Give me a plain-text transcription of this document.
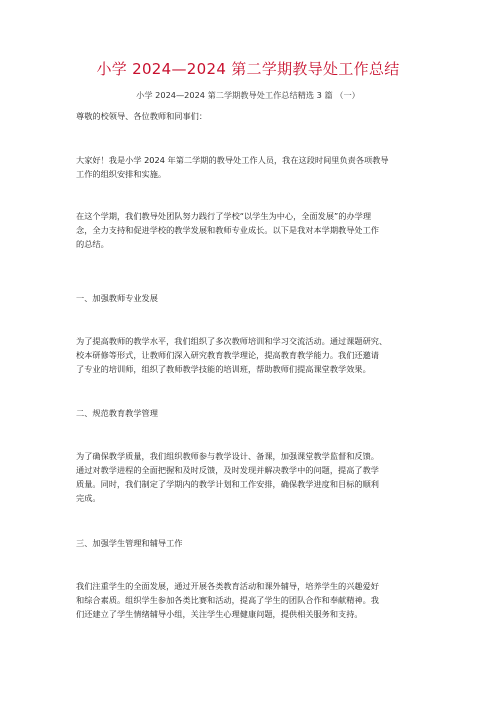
小学 2024—2024 第二学期教导处工作总结
小学 2024—2024 第二学期教导处工作总结精选 3 篇 （一）
尊敬的校领导、各位教师和同事们：
大家好！我是小学 2024 年第二学期的教导处工作人员，我在这段时间里负责各项教导
工作的组织安排和实施。
在这个学期，我们教导处团队努力践行了学校“以学生为中心，全面发展”的办学理
念，全力支持和促进学校的教学发展和教师专业成长。以下是我对本学期教导处工作
的总结。
一、加强教师专业发展
为了提高教师的教学水平，我们组织了多次教师培训和学习交流活动。通过课题研究、
校本研修等形式，让教师们深入研究教育教学理论，提高教育教学能力。我们还邀请
了专业的培训师，组织了教师教学技能的培训班，帮助教师们提高课堂教学效果。
二、规范教育教学管理
为了确保教学质量，我们组织教师参与教学设计、备课，加强课堂教学监督和反馈。
通过对教学进程的全面把握和及时反馈，及时发现并解决教学中的问题，提高了教学
质量。同时，我们制定了学期内的教学计划和工作安排，确保教学进度和目标的顺利
完成。
三、加强学生管理和辅导工作
我们注重学生的全面发展，通过开展各类教育活动和课外辅导，培养学生的兴趣爱好
和综合素质。组织学生参加各类比赛和活动，提高了学生的团队合作和奉献精神。我
们还建立了学生情绪辅导小组，关注学生心理健康问题，提供相关服务和支持。
